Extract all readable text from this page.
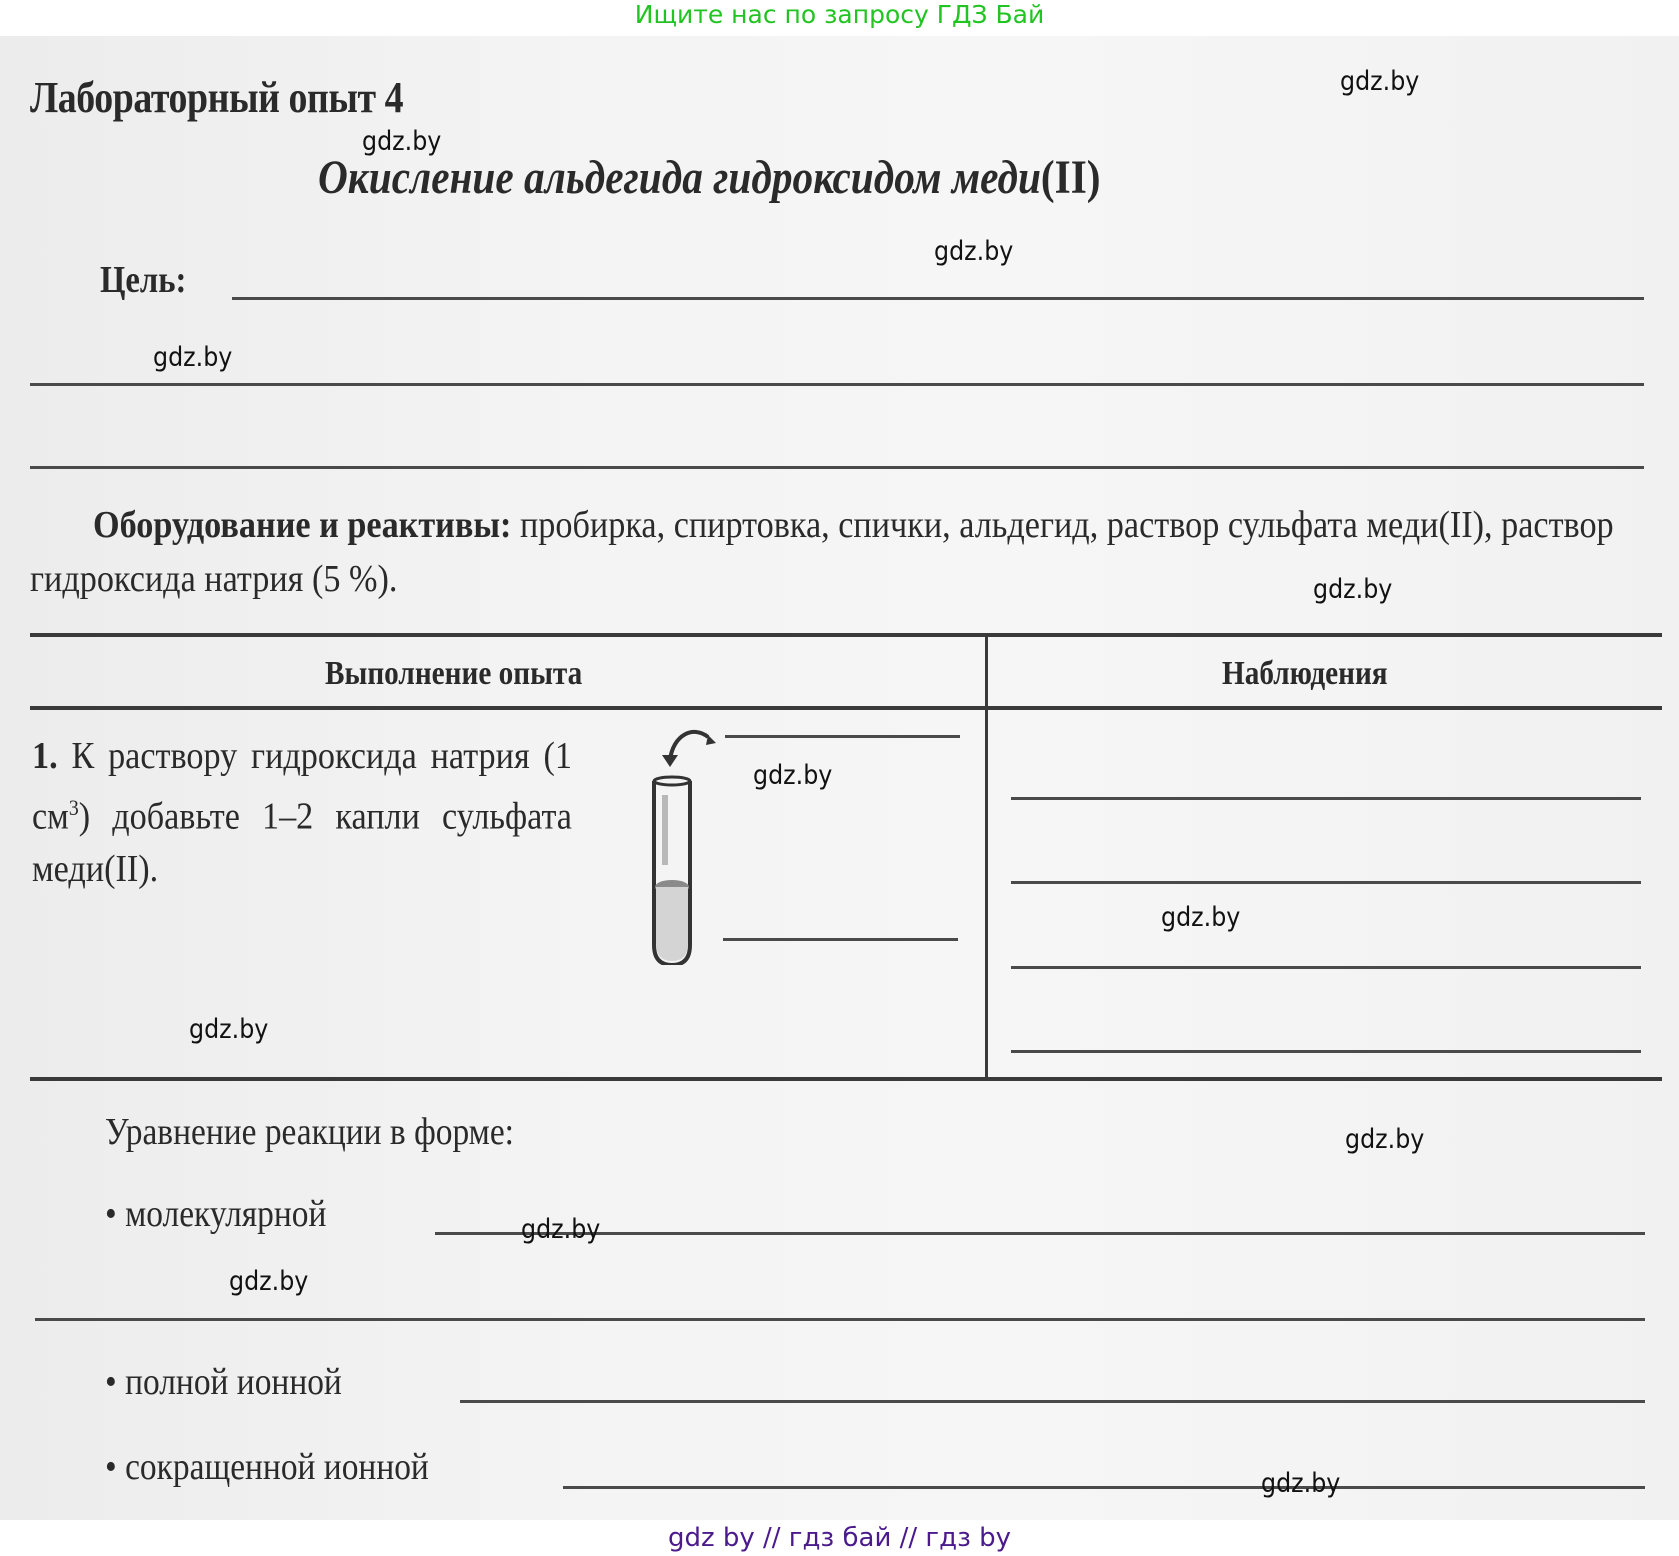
Ищите нас по запросу ГДЗ Бай
Лабораторный опыт 4
Окисление альдегида гидроксидом меди(II)
Цель:
Оборудование и реактивы: пробирка, спиртовка, спички, альдегид, раствор сульфата меди(II), раствор гидроксида натрия (5 %).
Выполнение опыта	Наблюдения
1. К раствору гидроксида натрия (1 $см^3$) добавьте 1–2 капли сульфата меди(II).
Уравнение реакции в форме:
• молекулярной
• полной ионной
• сокращенной ионной
gdz.by
gdz.by
gdz.by
gdz.by
gdz.by
gdz.by
gdz.by
gdz.by
gdz.by
gdz.by
gdz.by
gdz.by
gdz by // гдз бай // гдз by
